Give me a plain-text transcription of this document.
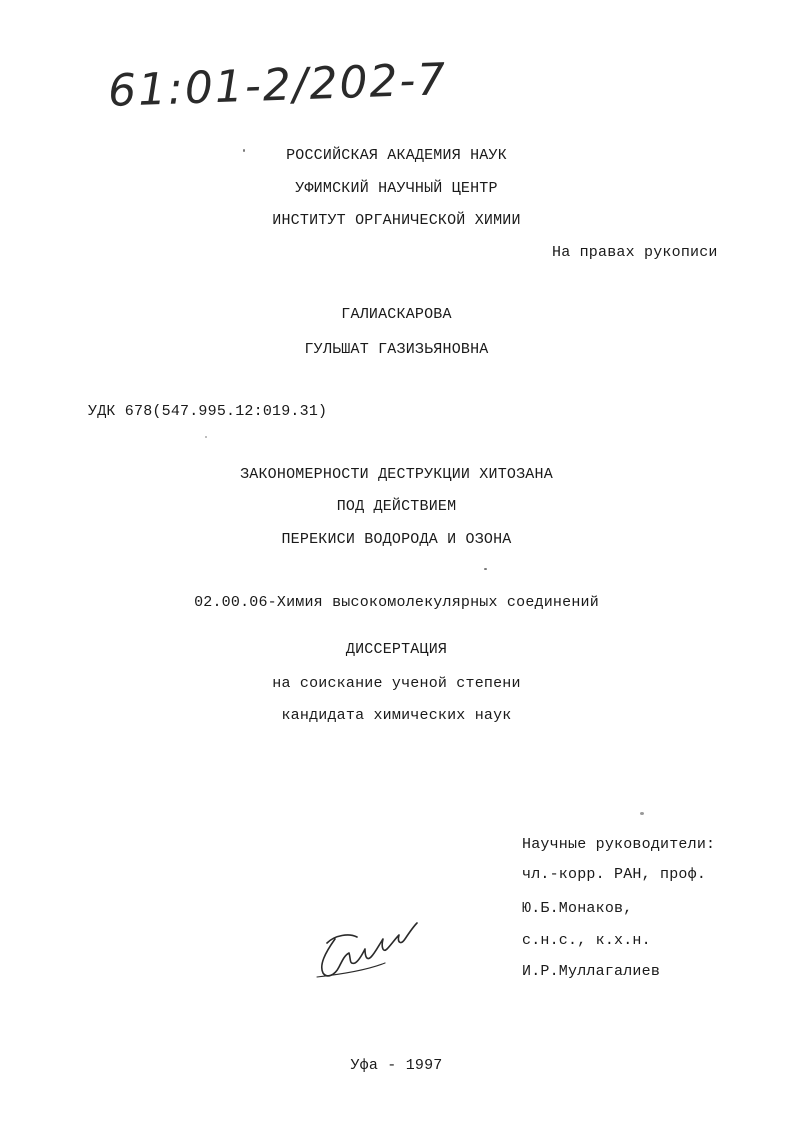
61:01-2/202-7
РОССИЙСКАЯ АКАДЕМИЯ НАУК
УФИМСКИЙ НАУЧНЫЙ ЦЕНТР
ИНСТИТУТ ОРГАНИЧЕСКОЙ ХИМИИ
На правах рукописи
ГАЛИАСКАРОВА
ГУЛЬШАТ ГАЗИЗЬЯНОВНА
УДК 678(547.995.12:019.31)
ЗАКОНОМЕРНОСТИ ДЕСТРУКЦИИ ХИТОЗАНА
ПОД ДЕЙСТВИЕМ
ПЕРЕКИСИ ВОДОРОДА И ОЗОНА
02.00.06-Химия высокомолекулярных соединений
ДИССЕРТАЦИЯ
на соискание ученой степени
кандидата химических наук
Научные руководители:
чл.-корр. РАН, проф.
Ю.Б.Монаков,
с.н.с., к.х.н.
И.Р.Муллагалиев
Уфа - 1997
